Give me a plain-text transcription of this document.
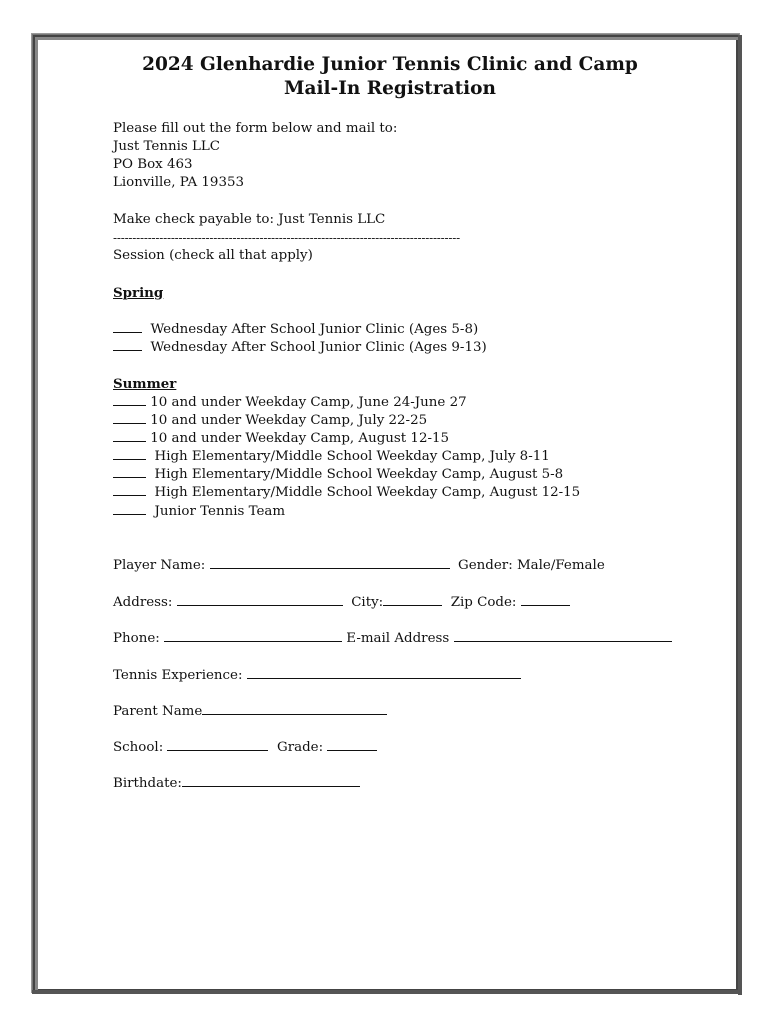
2024 Glenhardie Junior Tennis Clinic and Camp
Mail-In Registration
Please fill out the form below and mail to:
Just Tennis LLC
PO Box 463
Lionville, PA 19353
Make check payable to: Just Tennis LLC
------------------------------------------------------------------------------------------
Session (check all that apply)
Spring
Wednesday After School Junior Clinic (Ages 5-8)
Wednesday After School Junior Clinic (Ages 9-13)
Summer
10 and under Weekday Camp, June 24-June 27
10 and under Weekday Camp, July 22-25
10 and under Weekday Camp, August 12-15
High Elementary/Middle School Weekday Camp, July 8-11
High Elementary/Middle School Weekday Camp, August 5-8
High Elementary/Middle School Weekday Camp, August 12-15
Junior Tennis Team
Player Name:	Gender: Male/Female
Address:	City:	Zip Code:
Phone:	E-mail Address
Tennis Experience:
Parent Name
School:	Grade:
Birthdate:
